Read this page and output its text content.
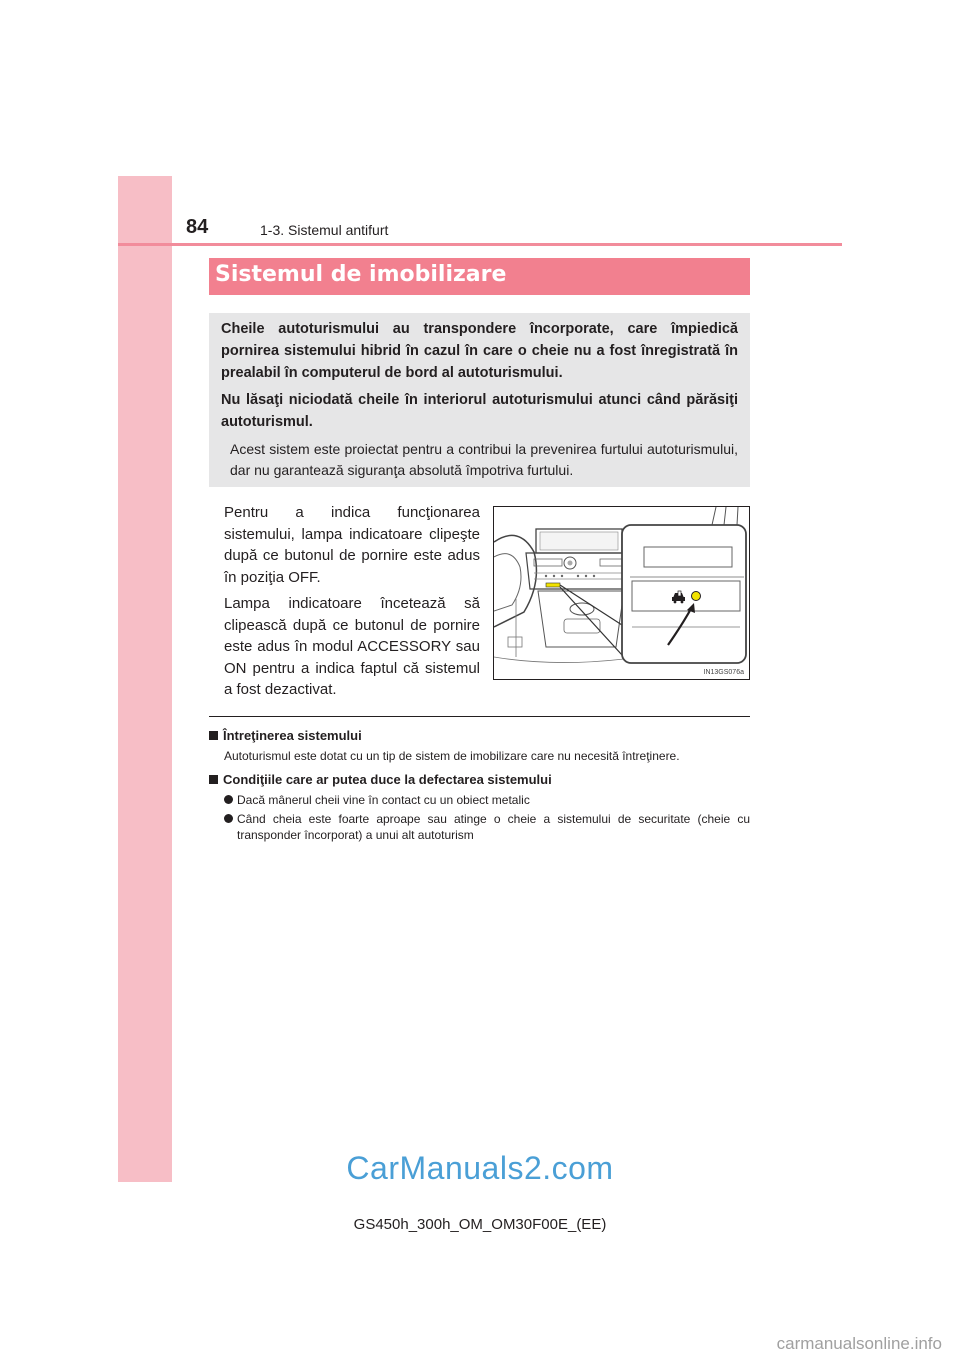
84	1-3. Sistemul antifurt
Sistemul de imobilizare

Cheile autoturismului au transpondere încorporate, care împiedică pornirea sistemului hibrid în cazul în care o cheie nu a fost înregistrată în prealabil în computerul de bord al autoturismului.

Nu lăsaţi niciodată cheile în interiorul autoturismului atunci când părăsiţi autoturismul.

Acest sistem este proiectat pentru a contribui la prevenirea furtului autoturismului, dar nu garantează siguranţa absolută împotriva furtului.

Pentru a indica funcţionarea sistemului, lampa indicatoare clipeşte după ce butonul de pornire este adus în poziţia OFF.

Lampa indicatoare încetează să clipească după ce butonul de pornire este adus în modul ACCESSORY sau ON pentru a indica faptul că sistemul a fost dezactivat.

IN13GS076a

Întreţinerea sistemului

Autoturismul este dotat cu un tip de sistem de imobilizare care nu necesită întreţinere.

Condiţiile care ar putea duce la defectarea sistemului

Dacă mânerul cheii vine în contact cu un obiect metalic

Când cheia este foarte aproape sau atinge o cheie a sistemului de securitate (cheie cu transponder încorporat) a unui alt autoturism

CarManuals2.com
GS450h_300h_OM_OM30F00E_(EE)
carmanualsonline.info
